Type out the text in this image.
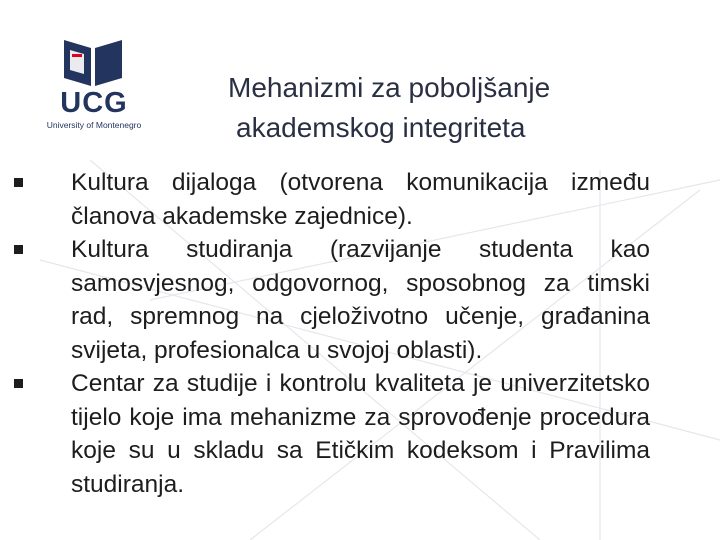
UCG
University of Montenegro
Mehanizmi za poboljšanje
akademskog integriteta
Kultura dijaloga (otvorena komunikacija između članova akademske zajednice).
Kultura studiranja (razvijanje studenta kao samosvjesnog, odgovornog, sposobnog za timski rad, spremnog na cjeloživotno učenje, građanina svijeta, profesionalca u svojoj oblasti).
Centar za studije i kontrolu kvaliteta je univerzitetsko tijelo koje ima mehanizme za sprovođenje procedura koje su u skladu sa Etičkim kodeksom i Pravilima studiranja.
